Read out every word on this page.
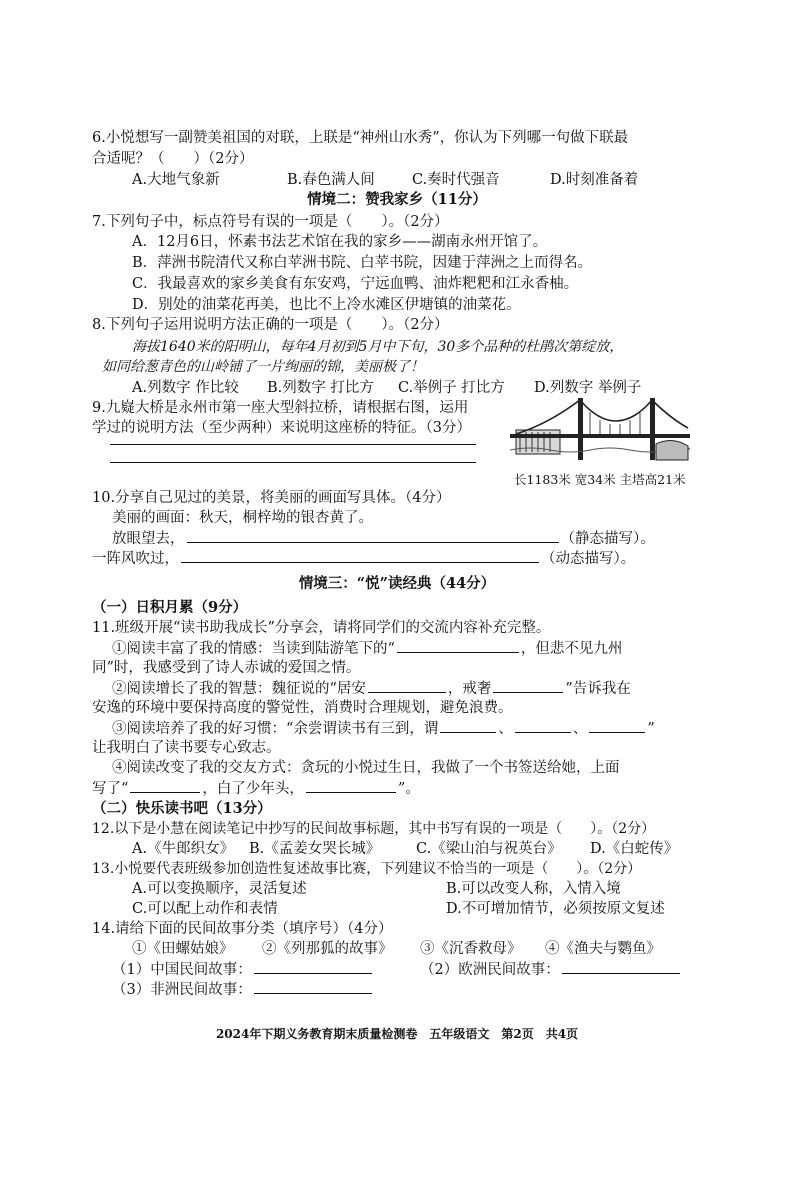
6.小悦想写一副赞美祖国的对联，上联是“神州山水秀”，你认为下列哪一句做下联最
合适呢？（　　）（2分）
A.大地气象新	B.春色满人间	C.奏时代强音	D.时刻准备着
情境二：赞我家乡（11分）
7.下列句子中，标点符号有误的一项是（　　）。（2分）
A．12月6日，怀素书法艺术馆在我的家乡——湖南永州开馆了。
B．萍洲书院清代又称白苹洲书院、白苹书院，因建于萍洲之上而得名。
C．我最喜欢的家乡美食有东安鸡，宁远血鸭、油炸粑粑和江永香柚。
D．别处的油菜花再美，也比不上冷水滩区伊塘镇的油菜花。
8.下列句子运用说明方法正确的一项是（　　）。（2分）
海拔1640米的阳明山，每年4月初到5月中下旬，30多个品种的杜鹃次第绽放，
如同给葱青色的山岭铺了一片绚丽的锦，美丽极了！
A.列数字 作比较 B.列数字 打比方 C.举例子 打比方 D.列数字 举例子
9.九嶷大桥是永州市第一座大型斜拉桥，请根据右图，运用
学过的说明方法（至少两种）来说明这座桥的特征。（3分）
长1183米 宽34米 主塔高21米
10.分享自己见过的美景，将美丽的画面写具体。（4分）
美丽的画面：秋天，桐梓坳的银杏黄了。
放眼望去，	（静态描写）。
一阵风吹过，	（动态描写）。
情境三：“悦”读经典（44分）
（一）日积月累（9分）
11.班级开展“读书助我成长”分享会，请将同学们的交流内容补充完整。
①阅读丰富了我的情感：当读到陆游笔下的“	，但悲不见九州
同”时，我感受到了诗人赤诚的爱国之情。
②阅读增长了我的智慧：魏征说的“居安	，戒奢	”告诉我在
安逸的环境中要保持高度的警觉性，消费时合理规划，避免浪费。
③阅读培养了我的好习惯：“余尝谓读书有三到，谓	、	、	”
让我明白了读书要专心致志。
④阅读改变了我的交友方式：贪玩的小悦过生日，我做了一个书签送给她，上面
写了“	，白了少年头，	”。
（二）快乐读书吧（13分）
12.以下是小慧在阅读笔记中抄写的民间故事标题，其中书写有误的一项是（　　）。（2分）
A.《牛郎织女》 B.《孟姜女哭长城》 C.《梁山泊与祝英台》 D.《白蛇传》
13.小悦要代表班级参加创造性复述故事比赛，下列建议不恰当的一项是（　　）。（2分）
A.可以变换顺序，灵活复述	B.可以改变人称，入情入境
C.可以配上动作和表情	D.不可增加情节，必须按原文复述
14.请给下面的民间故事分类（填序号）（4分）
①《田螺姑娘》 ②《列那狐的故事》 ③《沉香救母》 ④《渔夫与鹦鱼》
（1）中国民间故事：	（2）欧洲民间故事：
（3）非洲民间故事：
2024年下期义务教育期末质量检测卷　五年级语文　第2页　共4页
